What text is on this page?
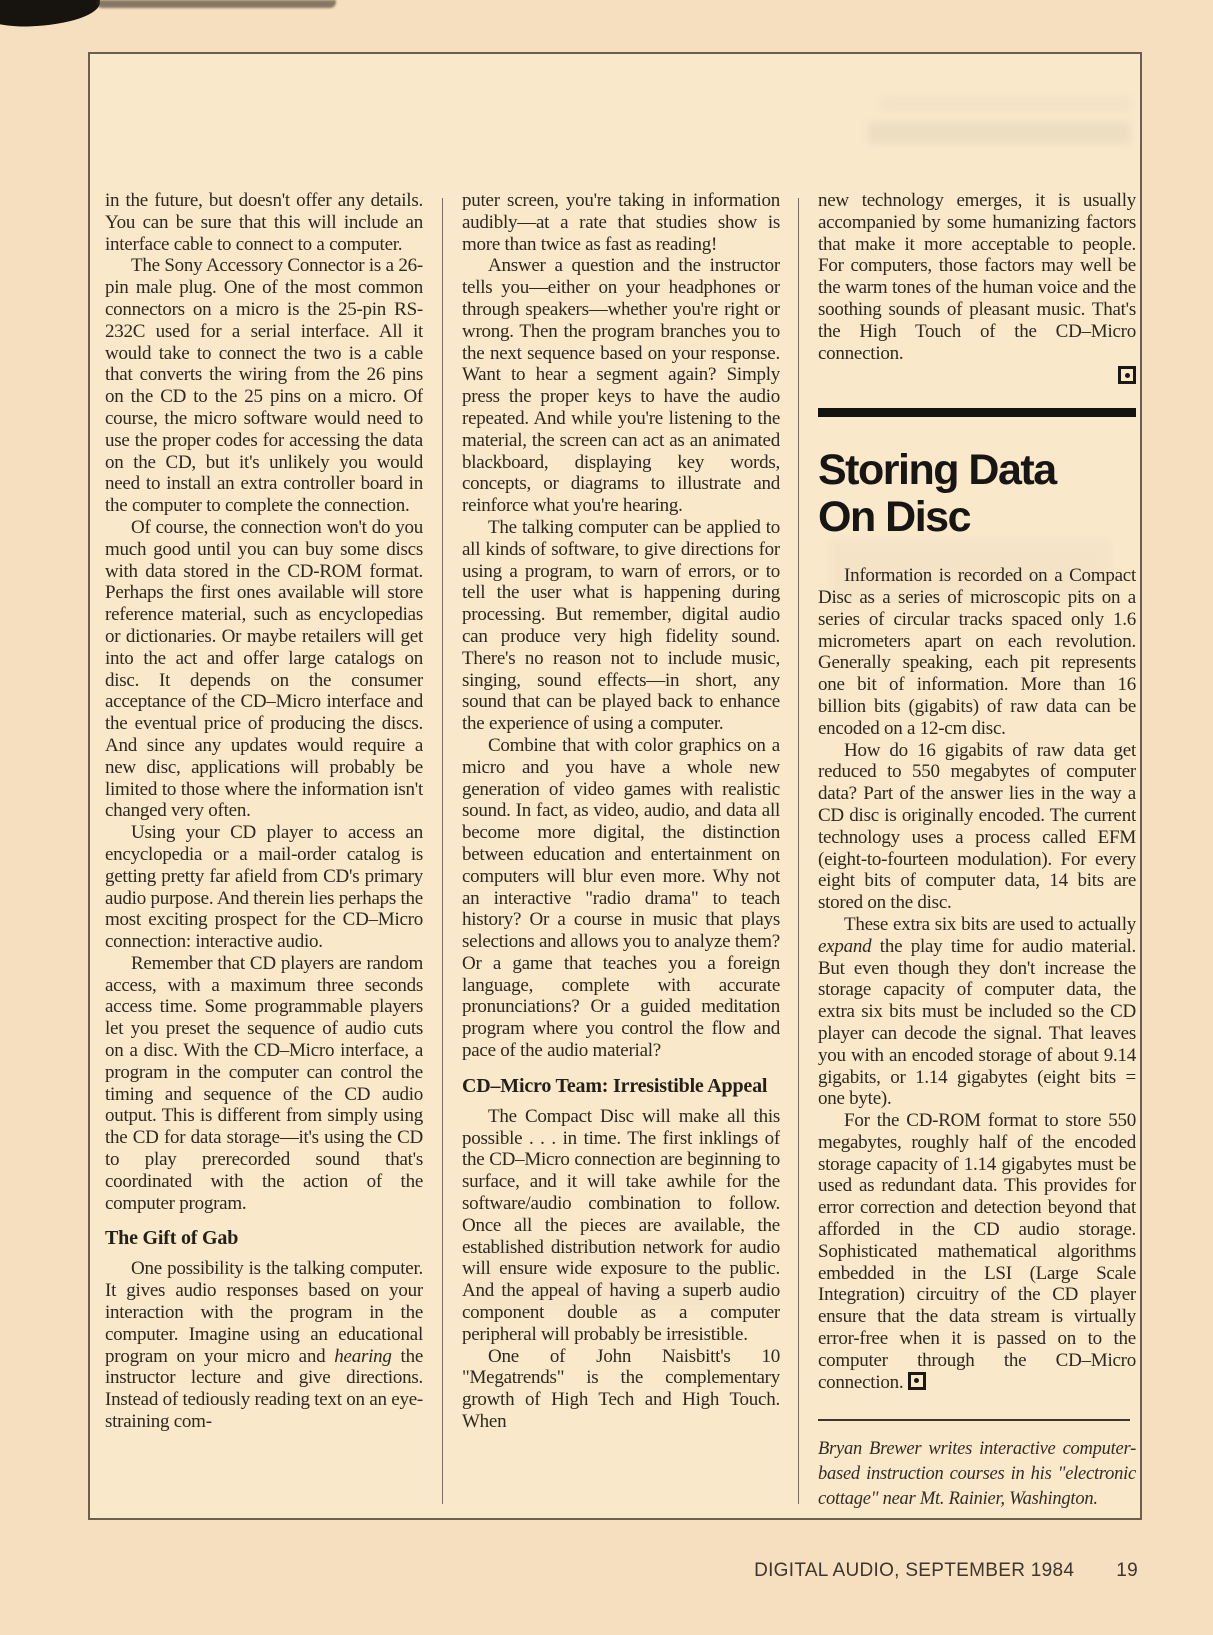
in the future, but doesn't offer any details. You can be sure that this will include an interface cable to connect to a computer.

The Sony Accessory Connector is a 26-pin male plug. One of the most common connectors on a micro is the 25-pin RS-232C used for a serial interface. All it would take to connect the two is a cable that converts the wiring from the 26 pins on the CD to the 25 pins on a micro. Of course, the micro software would need to use the proper codes for accessing the data on the CD, but it's unlikely you would need to install an extra controller board in the computer to complete the connection.

Of course, the connection won't do you much good until you can buy some discs with data stored in the CD-ROM format. Perhaps the first ones available will store reference material, such as encyclopedias or dictionaries. Or maybe retailers will get into the act and offer large catalogs on disc. It depends on the consumer acceptance of the CD–Micro interface and the eventual price of producing the discs. And since any updates would require a new disc, applications will probably be limited to those where the information isn't changed very often.

Using your CD player to access an encyclopedia or a mail-order catalog is getting pretty far afield from CD's primary audio purpose. And therein lies perhaps the most exciting prospect for the CD–Micro connection: interactive audio.

Remember that CD players are random access, with a maximum three seconds access time. Some programmable players let you preset the sequence of audio cuts on a disc. With the CD–Micro interface, a program in the computer can control the timing and sequence of the CD audio output. This is different from simply using the CD for data storage—it's using the CD to play prerecorded sound that's coordinated with the action of the computer program.

The Gift of Gab

One possibility is the talking computer. It gives audio responses based on your interaction with the program in the computer. Imagine using an educational program on your micro and hearing the instructor lecture and give directions. Instead of tediously reading text on an eye-straining com-

puter screen, you're taking in information audibly—at a rate that studies show is more than twice as fast as reading!

Answer a question and the instructor tells you—either on your headphones or through speakers—whether you're right or wrong. Then the program branches you to the next sequence based on your response. Want to hear a segment again? Simply press the proper keys to have the audio repeated. And while you're listening to the material, the screen can act as an animated blackboard, displaying key words, concepts, or diagrams to illustrate and reinforce what you're hearing.

The talking computer can be applied to all kinds of software, to give directions for using a program, to warn of errors, or to tell the user what is happening during processing. But remember, digital audio can produce very high fidelity sound. There's no reason not to include music, singing, sound effects—in short, any sound that can be played back to enhance the experience of using a computer.

Combine that with color graphics on a micro and you have a whole new generation of video games with realistic sound. In fact, as video, audio, and data all become more digital, the distinction between education and entertainment on computers will blur even more. Why not an interactive "radio drama" to teach history? Or a course in music that plays selections and allows you to analyze them? Or a game that teaches you a foreign language, complete with accurate pronunciations? Or a guided meditation program where you control the flow and pace of the audio material?

CD–Micro Team: Irresistible Appeal

The Compact Disc will make all this possible . . . in time. The first inklings of the CD–Micro connection are beginning to surface, and it will take awhile for the software/audio combination to follow. Once all the pieces are available, the established distribution network for audio will ensure wide exposure to the public. And the appeal of having a superb audio component double as a computer peripheral will probably be irresistible.

One of John Naisbitt's 10 "Megatrends" is the complementary growth of High Tech and High Touch. When

new technology emerges, it is usually accompanied by some humanizing factors that make it more acceptable to people. For computers, those factors may well be the warm tones of the human voice and the soothing sounds of pleasant music. That's the High Touch of the CD–Micro connection.

Storing Data
On Disc

Information is recorded on a Compact Disc as a series of microscopic pits on a series of circular tracks spaced only 1.6 micrometers apart on each revolution. Generally speaking, each pit represents one bit of information. More than 16 billion bits (gigabits) of raw data can be encoded on a 12-cm disc.

How do 16 gigabits of raw data get reduced to 550 megabytes of computer data? Part of the answer lies in the way a CD disc is originally encoded. The current technology uses a process called EFM (eight-to-fourteen modulation). For every eight bits of computer data, 14 bits are stored on the disc.

These extra six bits are used to actually expand the play time for audio material. But even though they don't increase the storage capacity of computer data, the extra six bits must be included so the CD player can decode the signal. That leaves you with an encoded storage of about 9.14 gigabits, or 1.14 gigabytes (eight bits = one byte).

For the CD-ROM format to store 550 megabytes, roughly half of the encoded storage capacity of 1.14 gigabytes must be used as redundant data. This provides for error correction and detection beyond that afforded in the CD audio storage. Sophisticated mathematical algorithms embedded in the LSI (Large Scale Integration) circuitry of the CD player ensure that the data stream is virtually error-free when it is passed on to the computer through the CD–Micro connection.

Bryan Brewer writes interactive computer-based instruction courses in his "electronic cottage" near Mt. Rainier, Washington.

DIGITAL AUDIO, SEPTEMBER 1984 19
